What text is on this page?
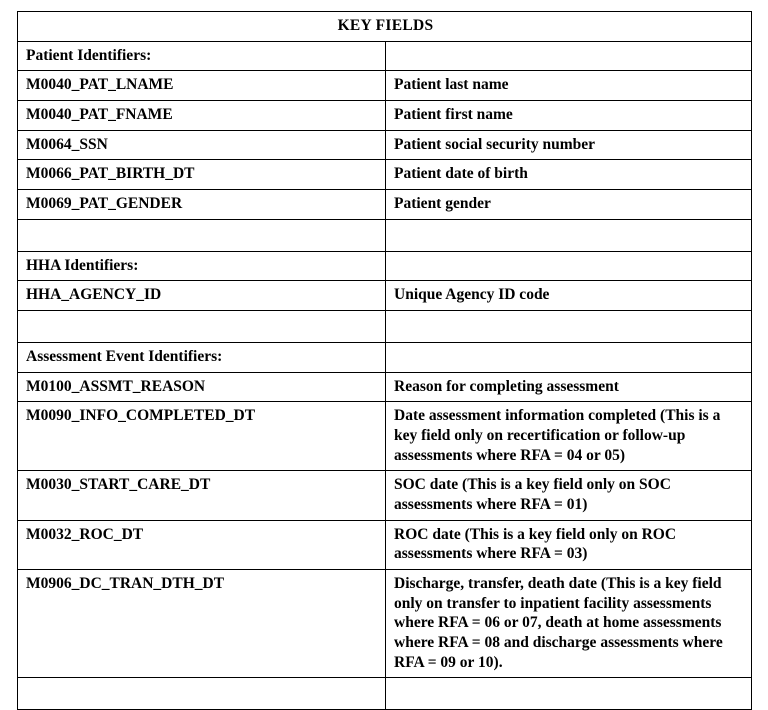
KEY FIELDS	
Patient Identifiers:	
M0040_PAT_LNAME	Patient last name
M0040_PAT_FNAME	Patient first name
M0064_SSN	Patient social security number
M0066_PAT_BIRTH_DT	Patient date of birth
M0069_PAT_GENDER	Patient gender

HHA Identifiers:	
HHA_AGENCY_ID	Unique Agency ID code

Assessment Event Identifiers:	
M0100_ASSMT_REASON	Reason for completing assessment
M0090_INFO_COMPLETED_DT	Date assessment information completed (This is a key field only on recertification or follow-up assessments where RFA = 04 or 05)
M0030_START_CARE_DT	SOC date (This is a key field only on SOC assessments where RFA = 01)
M0032_ROC_DT	ROC date (This is a key field only on ROC assessments where RFA = 03)
M0906_DC_TRAN_DTH_DT	Discharge, transfer, death date (This is a key field only on transfer to inpatient facility assessments where RFA = 06 or 07, death at home assessments where RFA = 08 and discharge assessments where RFA = 09 or 10).
